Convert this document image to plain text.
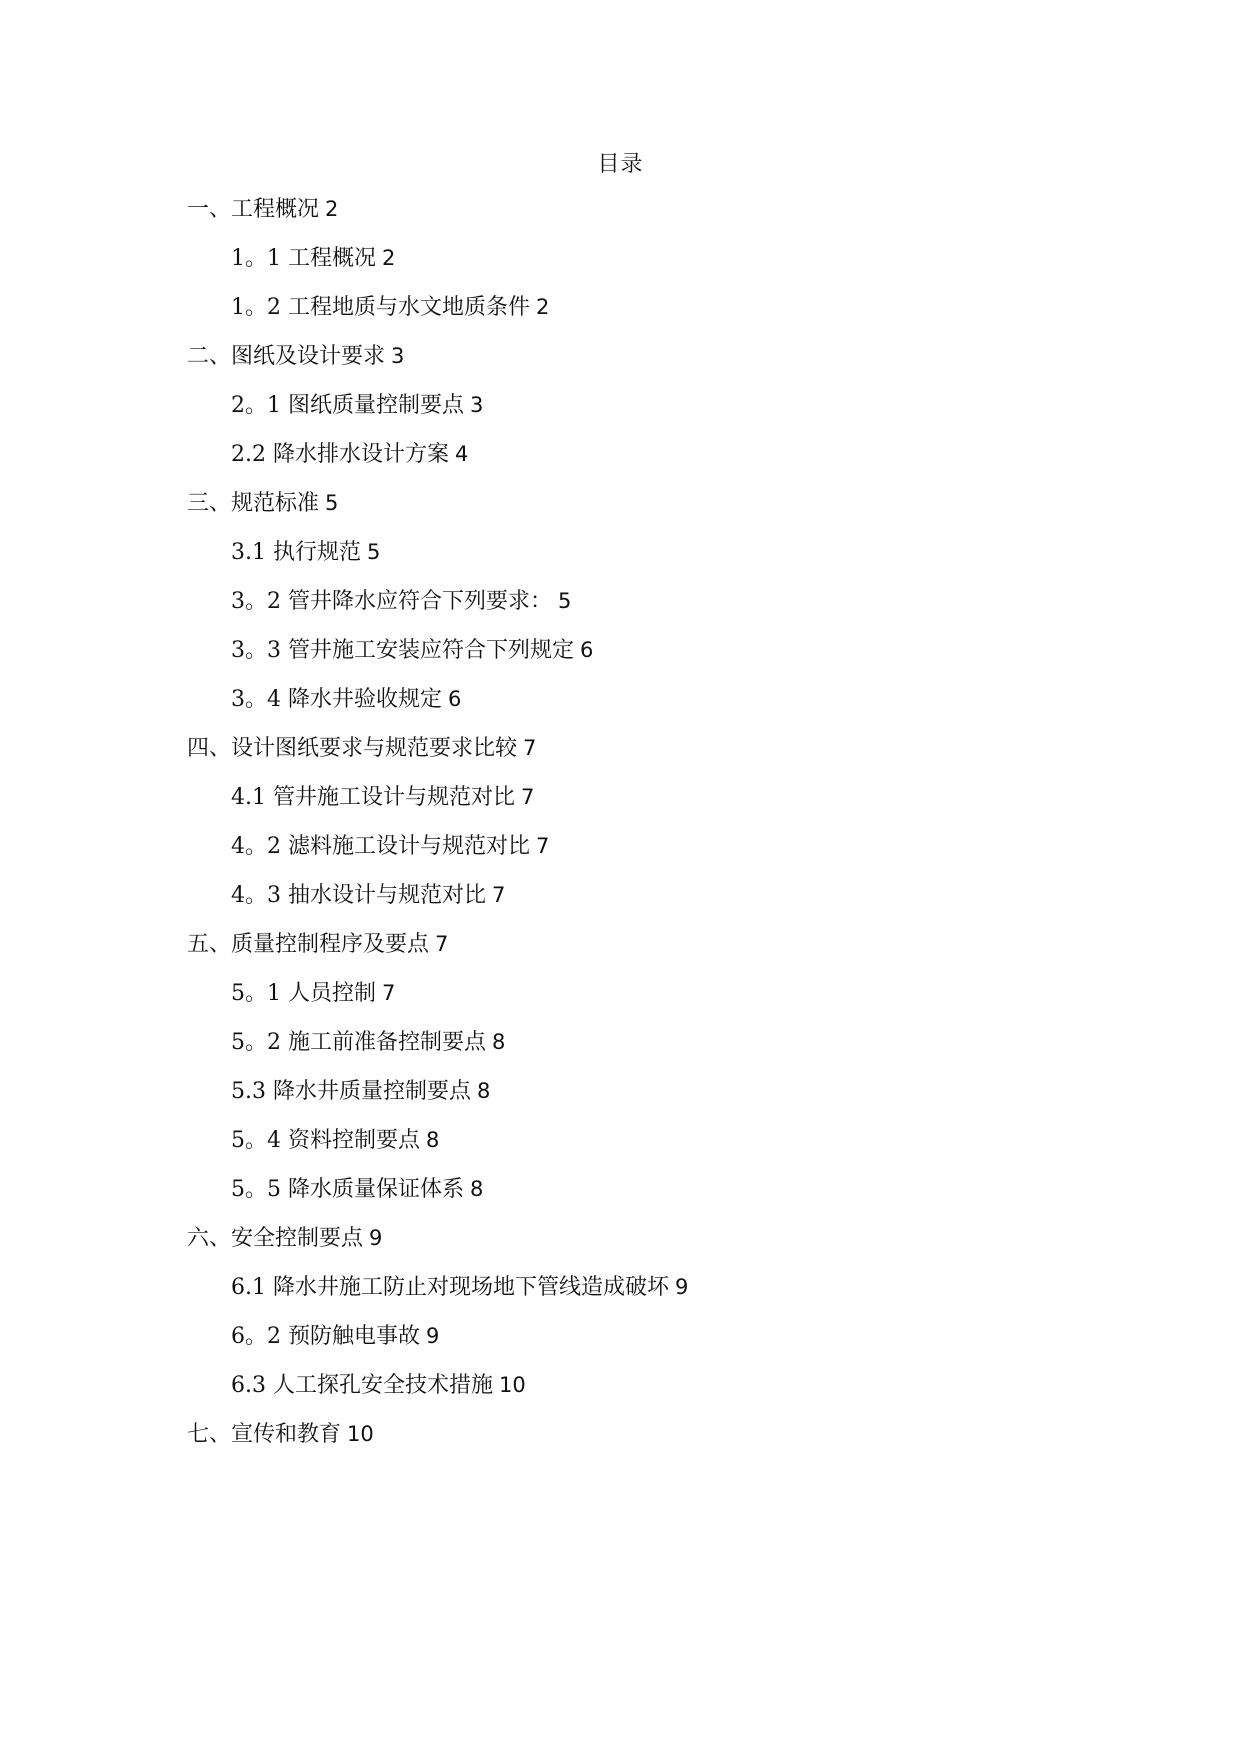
目录
一、工程概况 2
1。1 工程概况 2
1。2 工程地质与水文地质条件 2
二、图纸及设计要求 3
2。1 图纸质量控制要点 3
2.2 降水排水设计方案 4
三、规范标准 5
3.1 执行规范 5
3。2 管井降水应符合下列要求： 5
3。3 管井施工安装应符合下列规定 6
3。4 降水井验收规定 6
四、设计图纸要求与规范要求比较 7
4.1 管井施工设计与规范对比 7
4。2 滤料施工设计与规范对比 7
4。3 抽水设计与规范对比 7
五、质量控制程序及要点 7
5。1 人员控制 7
5。2 施工前准备控制要点 8
5.3 降水井质量控制要点 8
5。4 资料控制要点 8
5。5 降水质量保证体系 8
六、安全控制要点 9
6.1 降水井施工防止对现场地下管线造成破坏 9
6。2 预防触电事故 9
6.3 人工探孔安全技术措施 10
七、宣传和教育 10
